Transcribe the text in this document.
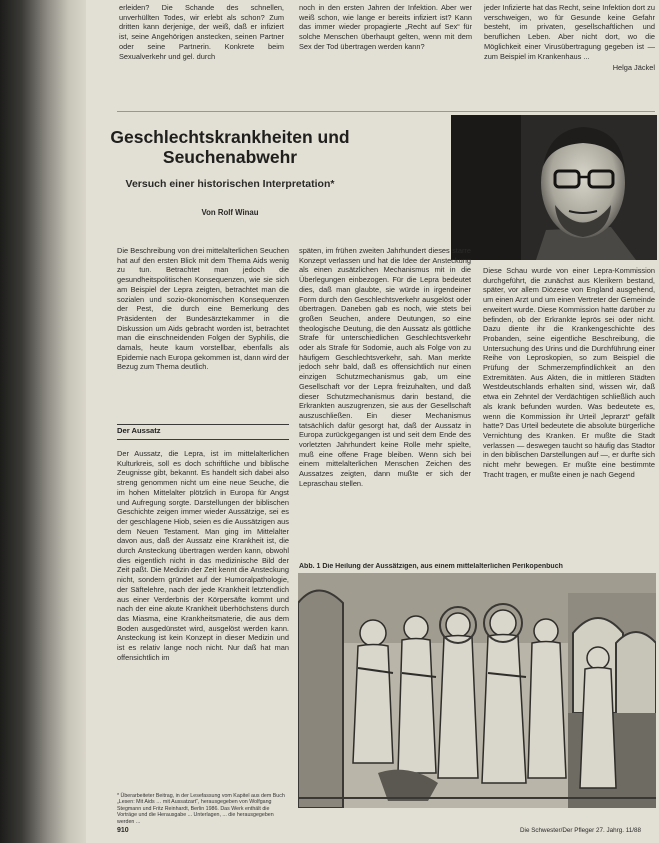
erleiden? Die Schande des schnellen, unverhüllten Todes, wir erlebt als schon? Zum dritten kann derjenige, der weiß, daß er infiziert ist, seine Angehörigen anstecken, seinen Partner oder seine Partnerin. Konkrete beim Sexualverkehr und gel. durch

noch in den ersten Jahren der Infektion. Aber wer weiß schon, wie lange er bereits infiziert ist? Kann das immer wieder propagierte „Recht auf Sex“ für solche Menschen überhaupt gelten, wenn mit dem Sex der Tod übertragen werden kann?

jeder Infizierte hat das Recht, seine Infektion dort zu verschweigen, wo für Gesunde keine Gefahr besteht, im privaten, gesellschaftlichen und beruflichen Leben. Aber nicht dort, wo die Möglichkeit einer Virusübertragung gegeben ist — zum Beispiel im Krankenhaus ...

Helga Jäckel

Geschlechtskrankheiten und Seuchenabwehr
Versuch einer historischen Interpretation*
Von Rolf Winau

Die Beschreibung von drei mittelalterlichen Seuchen hat auf den ersten Blick mit dem Thema Aids wenig zu tun. Betrachtet man jedoch die gesundheitspolitischen Konsequenzen, wie sie sich am Beispiel der Lepra zeigten, betrachtet man die sozialen und sozio-ökonomischen Konsequenzen der Pest, die durch eine Bemerkung des Präsidenten der Bundesärztekammer in die Diskussion um Aids gebracht worden ist, betrachtet man die einschneidenden Folgen der Syphilis, die damals, heute kaum vorstellbar, ebenfalls als Epidemie nach Europa gekommen ist, dann wird der Bezug zum Thema deutlich.

Der Aussatz

Der Aussatz, die Lepra, ist im mittelalterlichen Kulturkreis, soll es doch schriftliche und biblische Zeugnisse gibt, bekannt. Es handelt sich dabei also streng genommen nicht um eine neue Seuche, die im hohen Mittelalter plötzlich in Europa für Angst und Aufregung sorgte. Darstellungen der biblischen Geschichte zeigen immer wieder Aussätzige, sei es der geschlagene Hiob, seien es die Aussätzigen aus dem Neuen Testament. Man ging im Mittelalter davon aus, daß der Aussatz eine Krankheit ist, die durch Ansteckung übertragen werden kann, obwohl dies eigentlich nicht in das medizinische Bild der Zeit paßt. Die Medizin der Zeit kennt die Ansteckung nicht, sondern gründet auf der Humoralpathologie, der Säftelehre, nach der jede Krankheit letztendlich aus einer Verderbnis der Körpersäfte kommt und nach der eine akute Krankheit überhöchstens durch das Miasma, eine Krankheitsmaterie, die aus dem Boden ausgedünstet wird, ausgelöst werden kann. Ansteckung ist kein Konzept in dieser Medizin und ist es relativ lange noch nicht. Nur daß hat man offensichtlich im

späten, im frühen zweiten Jahrhundert dieses starre Konzept verlassen und hat die Idee der Ansteckung als einen zusätzlichen Mechanismus mit in die Überlegungen einbezogen. Für die Lepra bedeutet dies, daß man glaubte, sie würde in irgendeiner Form durch den Geschlechtsverkehr ausgelöst oder übertragen. Daneben gab es noch, wie stets bei großen Seuchen, andere Deutungen, so eine theologische Deutung, die den Aussatz als göttliche Strafe für unterschiedlichen Geschlechtsverkehr oder als Strafe für Sodomie, auch als Folge von zu häufigem Geschlechtsverkehr, sah. Man merkte jedoch sehr bald, daß es offensichtlich nur einen einzigen Schutzmechanismus gab, um eine Gesellschaft vor der Lepra freizuhalten, und daß dieser Schutzmechanismus darin bestand, die Erkrankten auszugrenzen, sie aus der Gesellschaft auszuschließen. Ein dieser Mechanismus tatsächlich dafür gesorgt hat, daß der Aussatz in Europa zurückgegangen ist und seit dem Ende des vorletzten Jahrhundert keine Rolle mehr spielte, muß eine offene Frage bleiben. Wenn sich bei einem mittelalterlichen Menschen Zeichen des Aussatzes zeigten, dann mußte er sich der Lepraschau stellen.

Diese Schau wurde von einer Lepra-Kommission durchgeführt, die zunächst aus Klerikern bestand, später, vor allem Diözese von England ausgehend, um einen Arzt und um einen Vertreter der Gemeinde erweitert wurde. Diese Kommission hatte darüber zu befinden, ob der Erkrankte leprös sei oder nicht. Dazu diente ihr die Krankengeschichte des Probanden, seine eigentliche Beschreibung, die Untersuchung des Urins und die Durchführung einer Reihe von Leproskopien, so zum Beispiel die Prüfung der Schmerzempfindlichkeit an den Extremitäten. Aus Akten, die in mittleren Städten Westdeutschlands erhalten sind, wissen wir, daß etwa ein Zehntel der Verdächtigen schließlich auch als krank befunden wurden. Was bedeutete es, wenn die Kommission ihr Urteil „leprarzt“ gefällt hatte? Das Urteil bedeutete die absolute bürgerliche Vernichtung des Kranken. Er mußte die Stadt verlassen — deswegen taucht so häufig das Stadtor in den biblischen Darstellungen auf —, er durfte sich nicht mehr bewegen. Er mußte eine bestimmte Tracht tragen, er mußte einen je nach Gegend

Abb. 1 Die Heilung der Aussätzigen, aus einem mittelalterlichen Perikopenbuch
* Überarbeiteter Beitrag, in der Lesefassung vom Kapitel aus dem Buch „Lesen: Mit Aids … mit Aussatzart“, herausgegeben von Wolfgang Stegmann und Fritz Reinhardt, Berlin 1986. Das Werk enthält die Vorträge und die Herausgabe ... Unterlagen, ... die herausgegeben werden ...
910	Die Schwester/Der Pfleger 27. Jahrg. 11/88
